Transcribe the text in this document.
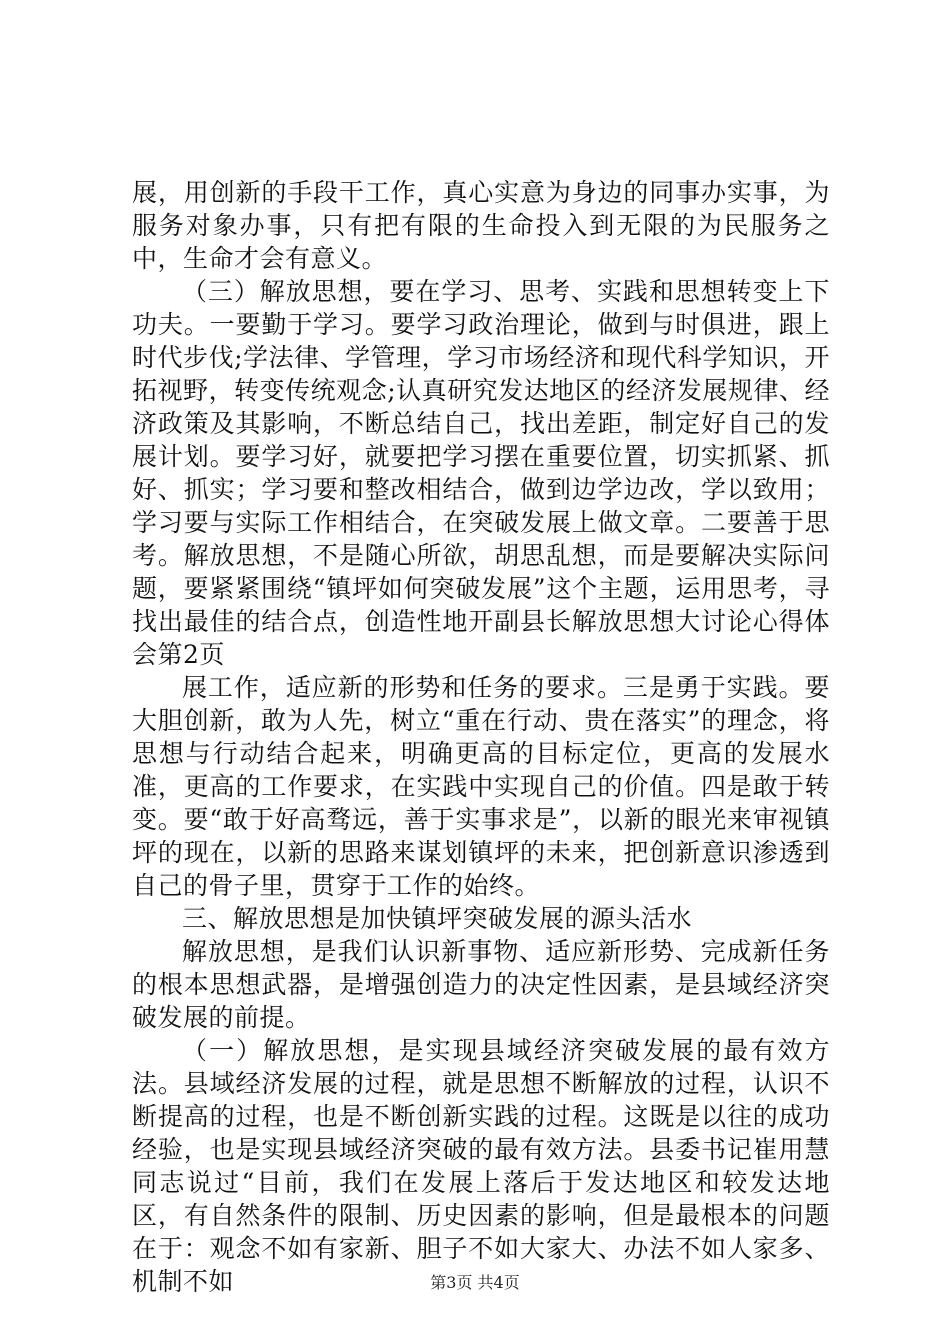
展，用创新的手段干工作，真心实意为身边的同事办实事，为服务对象办事，只有把有限的生命投入到无限的为民服务之中，生命才会有意义。

（三）解放思想，要在学习、思考、实践和思想转变上下功夫。一要勤于学习。要学习政治理论，做到与时俱进，跟上时代步伐;学法律、学管理，学习市场经济和现代科学知识，开拓视野，转变传统观念;认真研究发达地区的经济发展规律、经济政策及其影响，不断总结自己，找出差距，制定好自己的发展计划。要学习好，就要把学习摆在重要位置，切实抓紧、抓好、抓实；学习要和整改相结合，做到边学边改，学以致用；学习要与实际工作相结合，在突破发展上做文章。二要善于思考。解放思想，不是随心所欲，胡思乱想，而是要解决实际问题，要紧紧围绕“镇坪如何突破发展”这个主题，运用思考，寻找出最佳的结合点，创造性地开副县长解放思想大讨论心得体会第2页

展工作，适应新的形势和任务的要求。三是勇于实践。要大胆创新，敢为人先，树立“重在行动、贵在落实”的理念，将思想与行动结合起来，明确更高的目标定位，更高的发展水准，更高的工作要求，在实践中实现自己的价值。四是敢于转变。要“敢于好高骛远，善于实事求是”，以新的眼光来审视镇坪的现在，以新的思路来谋划镇坪的未来，把创新意识渗透到自己的骨子里，贯穿于工作的始终。

三、解放思想是加快镇坪突破发展的源头活水

解放思想，是我们认识新事物、适应新形势、完成新任务的根本思想武器，是增强创造力的决定性因素，是县域经济突破发展的前提。

（一）解放思想，是实现县域经济突破发展的最有效方法。县域经济发展的过程，就是思想不断解放的过程，认识不断提高的过程，也是不断创新实践的过程。这既是以往的成功经验，也是实现县域经济突破的最有效方法。县委书记崔用慧同志说过“目前，我们在发展上落后于发达地区和较发达地区，有自然条件的限制、历史因素的影响，但是最根本的问题在于：观念不如有家新、胆子不如大家大、办法不如人家多、机制不如	第3页 共4页
